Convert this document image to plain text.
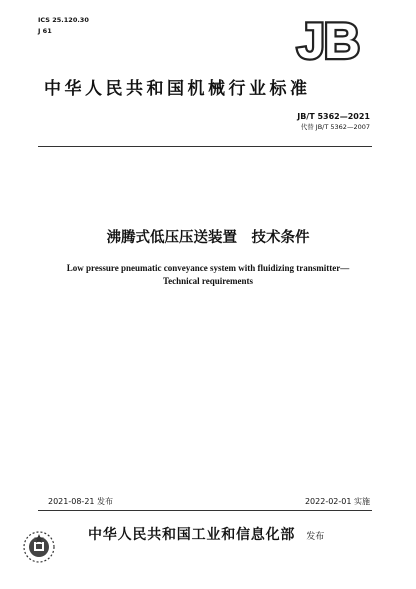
ICS 25.120.30
J 61	JB
中华人民共和国机械行业标准
JB/T 5362—2021
代替 JB/T 5362—2007
沸腾式低压压送装置　技术条件
Low pressure pneumatic conveyance system with fluidizing transmitter—
Technical requirements
2021-08-21 发布	2022-02-01 实施
中华人民共和国工业和信息化部 发布
